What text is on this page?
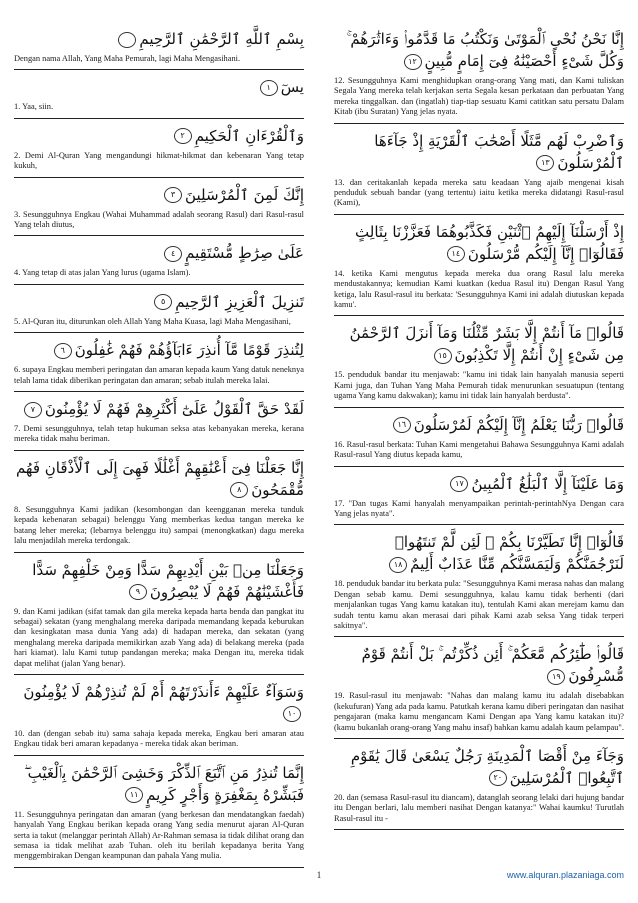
بِسْمِ ٱللَّهِ ٱلرَّحْمَٰنِ ٱلرَّحِيمِ

Dengan nama Allah, Yang Maha Pemurah, lagi Maha Mengasihani.

يسٓ١

1. Yaa, siin.

وَٱلْقُرْءَانِ ٱلْحَكِيمِ٢

2. Demi Al-Quran Yang mengandungi hikmat-hikmat dan kebenaran Yang tetap kukuh,

إِنَّكَ لَمِنَ ٱلْمُرْسَلِينَ٣

3. Sesungguhnya Engkau (Wahai Muhammad adalah seorang Rasul) dari Rasul-rasul Yang telah diutus,

عَلَىٰ صِرَٰطٍ مُّسْتَقِيمٍ٤

4. Yang tetap di atas jalan Yang lurus (ugama Islam).

تَنزِيلَ ٱلْعَزِيزِ ٱلرَّحِيمِ٥

5. Al-Quran itu, diturunkan oleh Allah Yang Maha Kuasa, lagi Maha Mengasihani,

لِتُنذِرَ قَوْمًا مَّآ أُنذِرَ ءَابَآؤُهُمْ فَهُمْ غَٰفِلُونَ٦

6. supaya Engkau memberi peringatan dan amaran kepada kaum Yang datuk neneknya telah lama tidak diberikan peringatan dan amaran; sebab itulah mereka lalai.

لَقَدْ حَقَّ ٱلْقَوْلُ عَلَىٰٓ أَكْثَرِهِمْ فَهُمْ لَا يُؤْمِنُونَ٧

7. Demi sesungguhnya, telah tetap hukuman seksa atas kebanyakan mereka, kerana mereka tidak mahu beriman.

إِنَّا جَعَلْنَا فِىٓ أَعْنَٰقِهِمْ أَغْلَٰلًا فَهِىَ إِلَى ٱلْأَذْقَانِ فَهُم مُّقْمَحُونَ٨

8. Sesungguhnya Kami jadikan (kesombongan dan keengganan mereka tunduk kepada kebenaran sebagai) belenggu Yang memberkas kedua tangan mereka ke batang leher mereka; (lebarnya belenggu itu) sampai (menongkatkan) dagu mereka lalu menjadilah mereka terdongak.

وَجَعَلْنَا مِنۢ بَيْنِ أَيْدِيهِمْ سَدًّا وَمِنْ خَلْفِهِمْ سَدًّا فَأَغْشَيْنَٰهُمْ فَهُمْ لَا يُبْصِرُونَ٩

9. dan Kami jadikan (sifat tamak dan gila mereka kepada harta benda dan pangkat itu sebagai) sekatan (yang menghalang mereka daripada memandang kepada keburukan dan kesingkatan masa dunia Yang ada) di hadapan mereka, dan sekatan (yang menghalang mereka daripada memikirkan azab Yang ada) di belakang mereka (pada hari kiamat). lalu Kami tutup pandangan mereka; maka Dengan itu, mereka tidak dapat melihat (jalan Yang benar).

وَسَوَآءٌ عَلَيْهِمْ ءَأَنذَرْتَهُمْ أَمْ لَمْ تُنذِرْهُمْ لَا يُؤْمِنُونَ١٠

10. dan (dengan sebab itu) sama sahaja kepada mereka, Engkau beri amaran atau Engkau tidak beri amaran kepadanya - mereka tidak akan beriman.

إِنَّمَا تُنذِرُ مَنِ ٱتَّبَعَ ٱلذِّكْرَ وَخَشِىَ ٱلرَّحْمَٰنَ بِٱلْغَيْبِ ۖ فَبَشِّرْهُ بِمَغْفِرَةٍ وَأَجْرٍ كَرِيمٍ١١

11. Sesungguhnya peringatan dan amaran (yang berkesan dan mendatangkan faedah) hanyalah Yang Engkau berikan kepada orang Yang sedia menurut ajaran Al-Quran serta ia takut (melanggar perintah Allah) Ar-Rahman semasa ia tidak dilihat orang dan semasa ia tidak melihat azab Tuhan. oleh itu berilah kepadanya berita Yang menggembirakan Dengan keampunan dan pahala Yang mulia.

إِنَّا نَحْنُ نُحْىِ ٱلْمَوْتَىٰ وَنَكْتُبُ مَا قَدَّمُوا۟ وَءَاثَٰرَهُمْ ۚ وَكُلَّ شَىْءٍ أَحْصَيْنَٰهُ فِىٓ إِمَامٍ مُّبِينٍ١٢

12. Sesungguhnya Kami menghidupkan orang-orang Yang mati, dan Kami tuliskan Segala Yang mereka telah kerjakan serta Segala kesan perkataan dan perbuatan Yang mereka tinggalkan. dan (ingatlah) tiap-tiap sesuatu Kami catitkan satu persatu Dalam Kitab (ibu Suratan) Yang jelas nyata.

وَٱضْرِبْ لَهُم مَّثَلًا أَصْحَٰبَ ٱلْقَرْيَةِ إِذْ جَآءَهَا ٱلْمُرْسَلُونَ١٣

13. dan ceritakanlah kepada mereka satu keadaan Yang ajaib mengenai kisah penduduk sebuah bandar (yang tertentu) iaitu ketika mereka didatangi Rasul-rasul (Kami),

إِذْ أَرْسَلْنَآ إِلَيْهِمُ ٱثْنَيْنِ فَكَذَّبُوهُمَا فَعَزَّزْنَا بِثَالِثٍ فَقَالُوٓا۟ إِنَّآ إِلَيْكُم مُّرْسَلُونَ١٤

14. ketika Kami mengutus kepada mereka dua orang Rasul lalu mereka mendustakannya; kemudian Kami kuatkan (kedua Rasul itu) Dengan Rasul Yang ketiga, lalu Rasul-rasul itu berkata: 'Sesungguhnya Kami ini adalah diutuskan kepada kamu'.

قَالُوا۟ مَآ أَنتُمْ إِلَّا بَشَرٌ مِّثْلُنَا وَمَآ أَنزَلَ ٱلرَّحْمَٰنُ مِن شَىْءٍ إِنْ أَنتُمْ إِلَّا تَكْذِبُونَ١٥

15. penduduk bandar itu menjawab: "kamu ini tidak lain hanyalah manusia seperti Kami juga, dan Tuhan Yang Maha Pemurah tidak menurunkan sesuatupun (tentang ugama Yang kamu dakwakan); kamu ini tidak lain hanyalah berdusta".

قَالُوا۟ رَبُّنَا يَعْلَمُ إِنَّآ إِلَيْكُمْ لَمُرْسَلُونَ١٦

16. Rasul-rasul berkata: Tuhan Kami mengetahui Bahawa Sesungguhnya Kami adalah Rasul-rasul Yang diutus kepada kamu,

وَمَا عَلَيْنَآ إِلَّا ٱلْبَلَٰغُ ٱلْمُبِينُ١٧

17. "Dan tugas Kami hanyalah menyampaikan perintah-perintahNya Dengan cara Yang jelas nyata".

قَالُوٓا۟ إِنَّا تَطَيَّرْنَا بِكُمْ ۖ لَئِن لَّمْ تَنتَهُوا۟ لَنَرْجُمَنَّكُمْ وَلَيَمَسَّنَّكُم مِّنَّا عَذَابٌ أَلِيمٌ١٨

18. penduduk bandar itu berkata pula: "Sesungguhnya Kami merasa nahas dan malang Dengan sebab kamu. Demi sesungguhnya, kalau kamu tidak berhenti (dari menjalankan tugas Yang kamu katakan itu), tentulah Kami akan merejam kamu dan sudah tentu kamu akan merasai dari pihak Kami azab seksa Yang tidak terperi sakitnya".

قَالُوا۟ طَٰٓئِرُكُم مَّعَكُمْ ۚ أَئِن ذُكِّرْتُم ۚ بَلْ أَنتُمْ قَوْمٌ مُّسْرِفُونَ١٩

19. Rasul-rasul itu menjawab: "Nahas dan malang kamu itu adalah disebabkan (kekufuran) Yang ada pada kamu. Patutkah kerana kamu diberi peringatan dan nasihat pengajaran (maka kamu mengancam Kami Dengan apa Yang kamu katakan itu)? (kamu bukanlah orang-orang Yang mahu insaf) bahkan kamu adalah kaum pelampau".

وَجَآءَ مِنْ أَقْصَا ٱلْمَدِينَةِ رَجُلٌ يَسْعَىٰ قَالَ يَٰقَوْمِ ٱتَّبِعُوا۟ ٱلْمُرْسَلِينَ٢٠

20. dan (semasa Rasul-rasul itu diancam), datanglah seorang lelaki dari hujung bandar itu Dengan berlari, lalu memberi nasihat Dengan katanya:" Wahai kaumku! Turutlah Rasul-rasul itu -

1	www.alquran.plazaniaga.com
